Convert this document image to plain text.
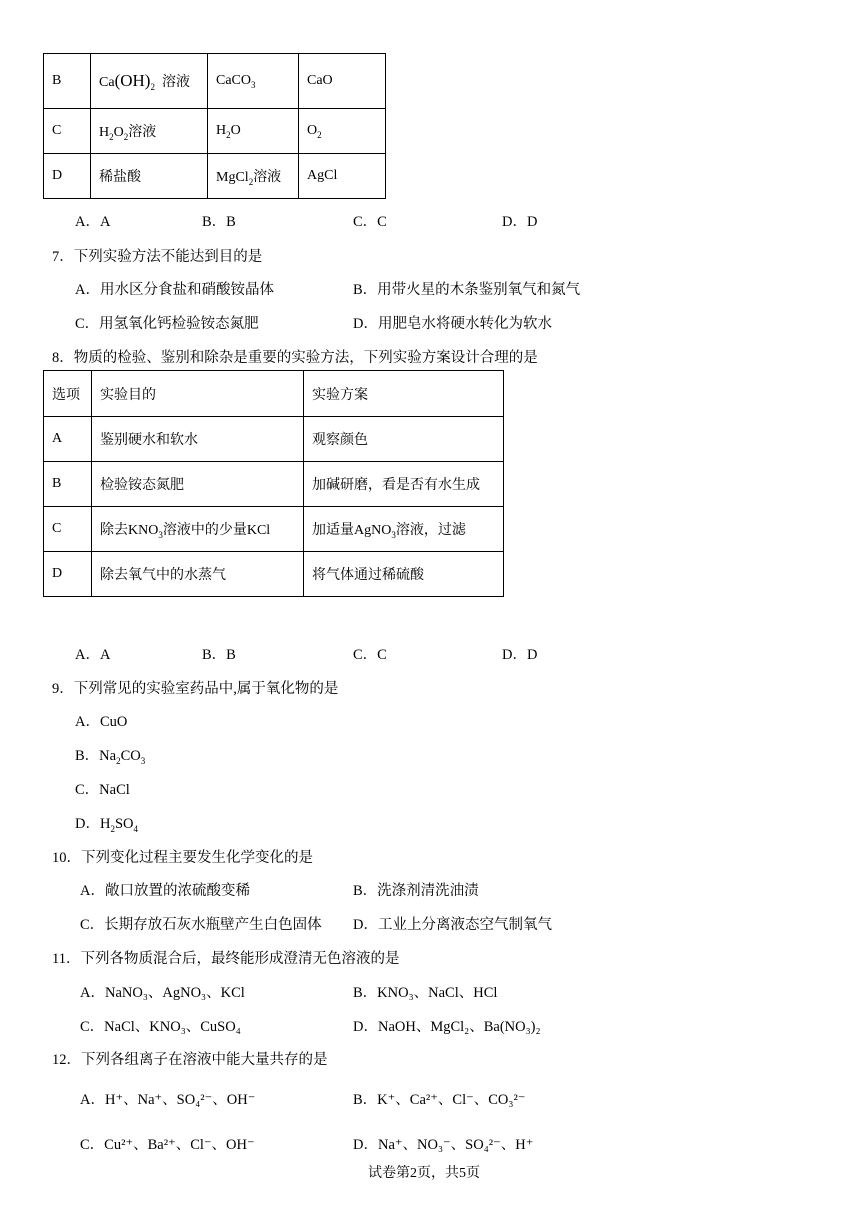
B	$Ca(OH)_2$ 溶液	CaCO$_3$	CaO
C	$H_2O_2$溶液	$H_2O$	$O_2$
D	稀盐酸	MgCl$_2$溶液	AgCl
A．A	B．B	C．C	D．D
7．下列实验方法不能达到目的是
A．用水区分食盐和硝酸铵晶体	B．用带火星的木条鉴别氧气和氮气
C．用氢氧化钙检验铵态氮肥	D．用肥皂水将硬水转化为软水
8．物质的检验、鉴别和除杂是重要的实验方法，下列实验方案设计合理的是
选项	实验目的	实验方案
A	鉴别硬水和软水	观察颜色
B	检验铵态氮肥	加碱研磨，看是否有水生成
C	除去$KNO_3$溶液中的少量KCl	加适量AgNO$_3$溶液，过滤
D	除去氧气中的水蒸气	将气体通过稀硫酸
A．A	B．B	C．C	D．D
9．下列常见的实验室药品中,属于氧化物的是
A．CuO
B．$Na_2CO_3$
C．NaCl
D．$H_2SO_4$
10．下列变化过程主要发生化学变化的是
A．敞口放置的浓硫酸变稀	B．洗涤剂清洗油渍
C．长期存放石灰水瓶壁产生白色固体 D．工业上分离液态空气制氧气
11．下列各物质混合后，最终能形成澄清无色溶液的是
A．NaNO₃、AgNO₃、KCl	B．KNO₃、NaCl、HCl
C．NaCl、KNO₃、CuSO₄	D．NaOH、MgCl₂、Ba(NO₃)₂
12．下列各组离子在溶液中能大量共存的是
A．H⁺、Na⁺、SO₄²⁻、OH⁻	B．K⁺、Ca²⁺、Cl⁻、CO₃²⁻
C．Cu²⁺、Ba²⁺、Cl⁻、OH⁻	D．Na⁺、NO₃⁻、SO₄²⁻、H⁺
试卷第2页，共5页
